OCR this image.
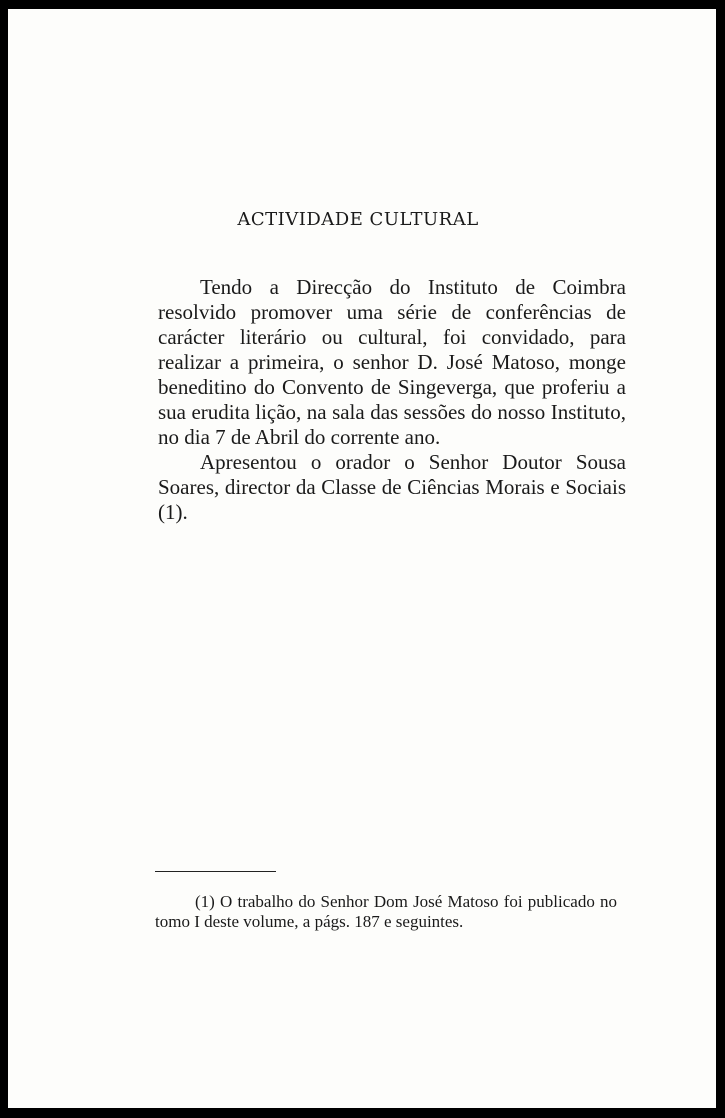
ACTIVIDADE CULTURAL

Tendo a Direcção do Instituto de Coimbra resolvido promover uma série de conferências de carácter literário ou cultural, foi convidado, para realizar a primeira, o senhor D. José Matoso, monge beneditino do Convento de Singeverga, que proferiu a sua erudita lição, na sala das sessões do nosso Instituto, no dia 7 de Abril do corrente ano.

Apresentou o orador o Senhor Doutor Sousa Soares, director da Classe de Ciências Morais e Sociais (1).

(1) O trabalho do Senhor Dom José Matoso foi publicado no tomo I deste volume, a págs. 187 e seguintes.
